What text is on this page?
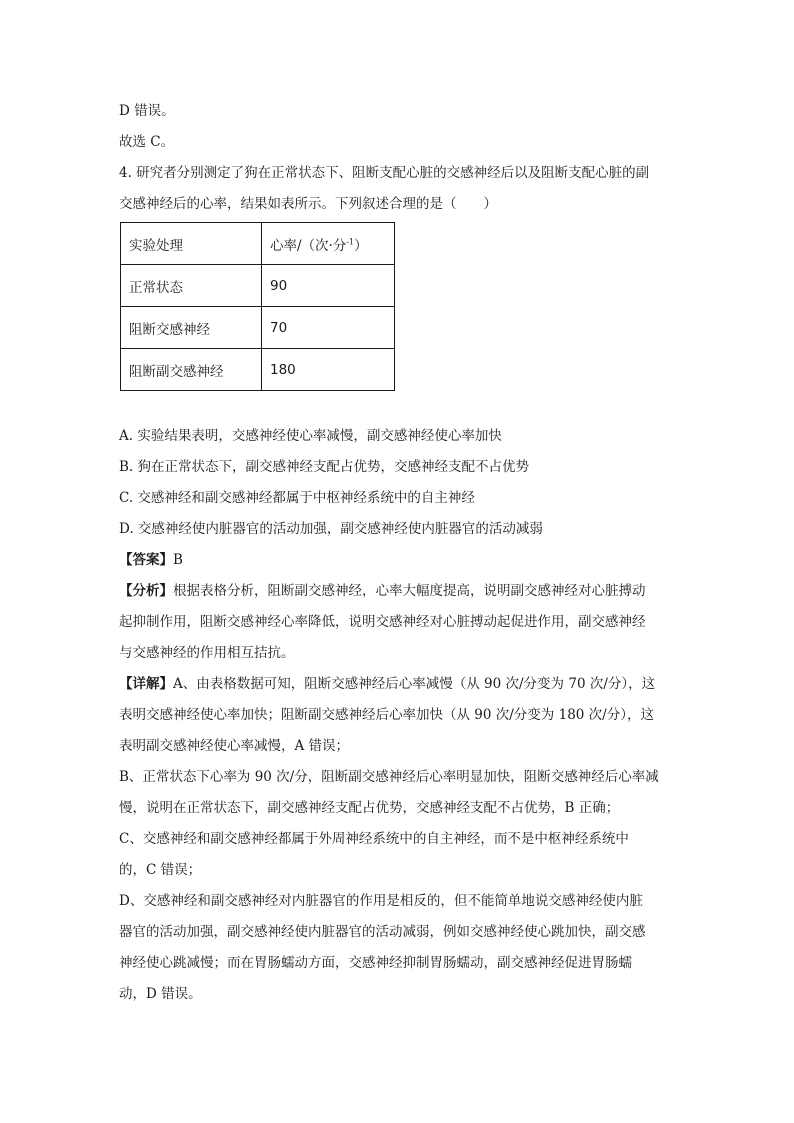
D 错误。
故选 C。
4. 研究者分别测定了狗在正常状态下、阻断支配心脏的交感神经后以及阻断支配心脏的副
交感神经后的心率，结果如表所示。下列叙述合理的是（　　）
实验处理	心率/（次·分$^{-1}$）
正常状态	90
阻断交感神经	70
阻断副交感神经	180
A. 实验结果表明，交感神经使心率减慢，副交感神经使心率加快
B. 狗在正常状态下，副交感神经支配占优势，交感神经支配不占优势
C. 交感神经和副交感神经都属于中枢神经系统中的自主神经
D. 交感神经使内脏器官的活动加强，副交感神经使内脏器官的活动减弱
【答案】B
【分析】根据表格分析，阻断副交感神经，心率大幅度提高，说明副交感神经对心脏搏动
起抑制作用，阻断交感神经心率降低，说明交感神经对心脏搏动起促进作用，副交感神经
与交感神经的作用相互拮抗。
【详解】A、由表格数据可知，阻断交感神经后心率减慢（从 90 次/分变为 70 次/分），这
表明交感神经使心率加快；阻断副交感神经后心率加快（从 90 次/分变为 180 次/分），这
表明副交感神经使心率减慢，A 错误；
B、正常状态下心率为 90 次/分，阻断副交感神经后心率明显加快，阻断交感神经后心率减
慢，说明在正常状态下，副交感神经支配占优势，交感神经支配不占优势，B 正确；
C、交感神经和副交感神经都属于外周神经系统中的自主神经，而不是中枢神经系统中
的，C 错误；
D、交感神经和副交感神经对内脏器官的作用是相反的，但不能简单地说交感神经使内脏
器官的活动加强，副交感神经使内脏器官的活动减弱，例如交感神经使心跳加快，副交感
神经使心跳减慢；而在胃肠蠕动方面，交感神经抑制胃肠蠕动，副交感神经促进胃肠蠕
动，D 错误。
